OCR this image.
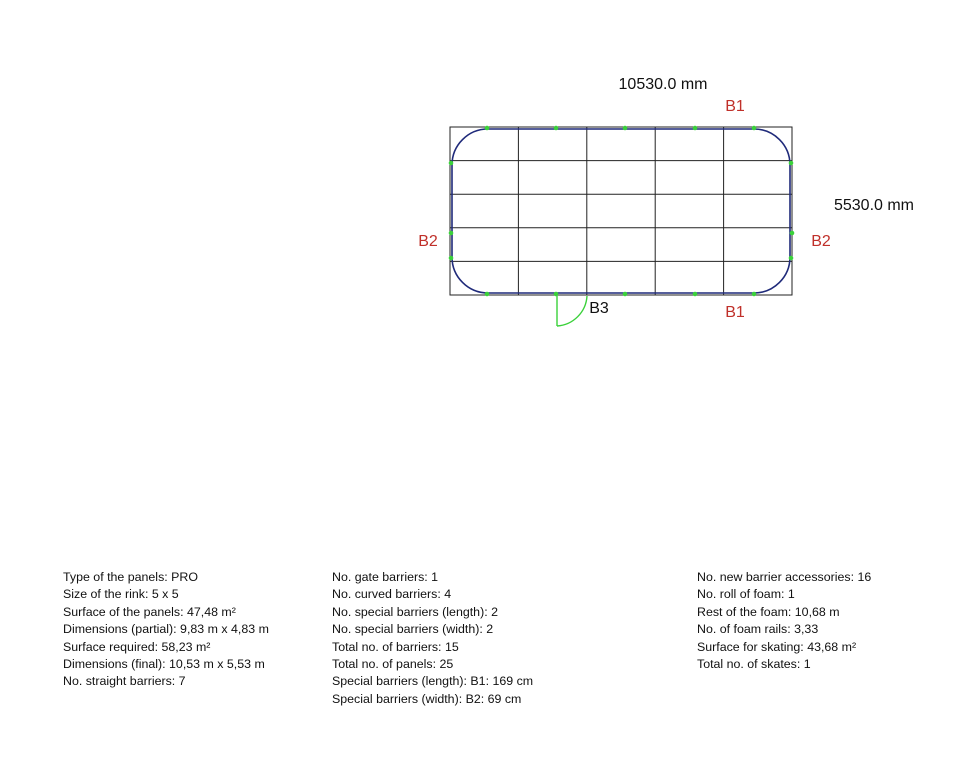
10530.0 mm
5530.0 mm
B1
B1
B2	B2
B3
Type of the panels: PRO
Size of the rink: 5 x 5
Surface of the panels: 47,48 m²
Dimensions (partial): 9,83 m x 4,83 m
Surface required: 58,23 m²
Dimensions (final): 10,53 m x 5,53 m
No. straight barriers: 7
No. gate barriers: 1
No. curved barriers: 4
No. special barriers (length): 2
No. special barriers (width): 2
Total no. of barriers: 15
Total no. of panels: 25
Special barriers (length): B1: 169 cm
Special barriers (width): B2: 69 cm
No. new barrier accessories: 16
No. roll of foam: 1
Rest of the foam: 10,68 m
No. of foam rails: 3,33
Surface for skating: 43,68 m²
Total no. of skates: 1
